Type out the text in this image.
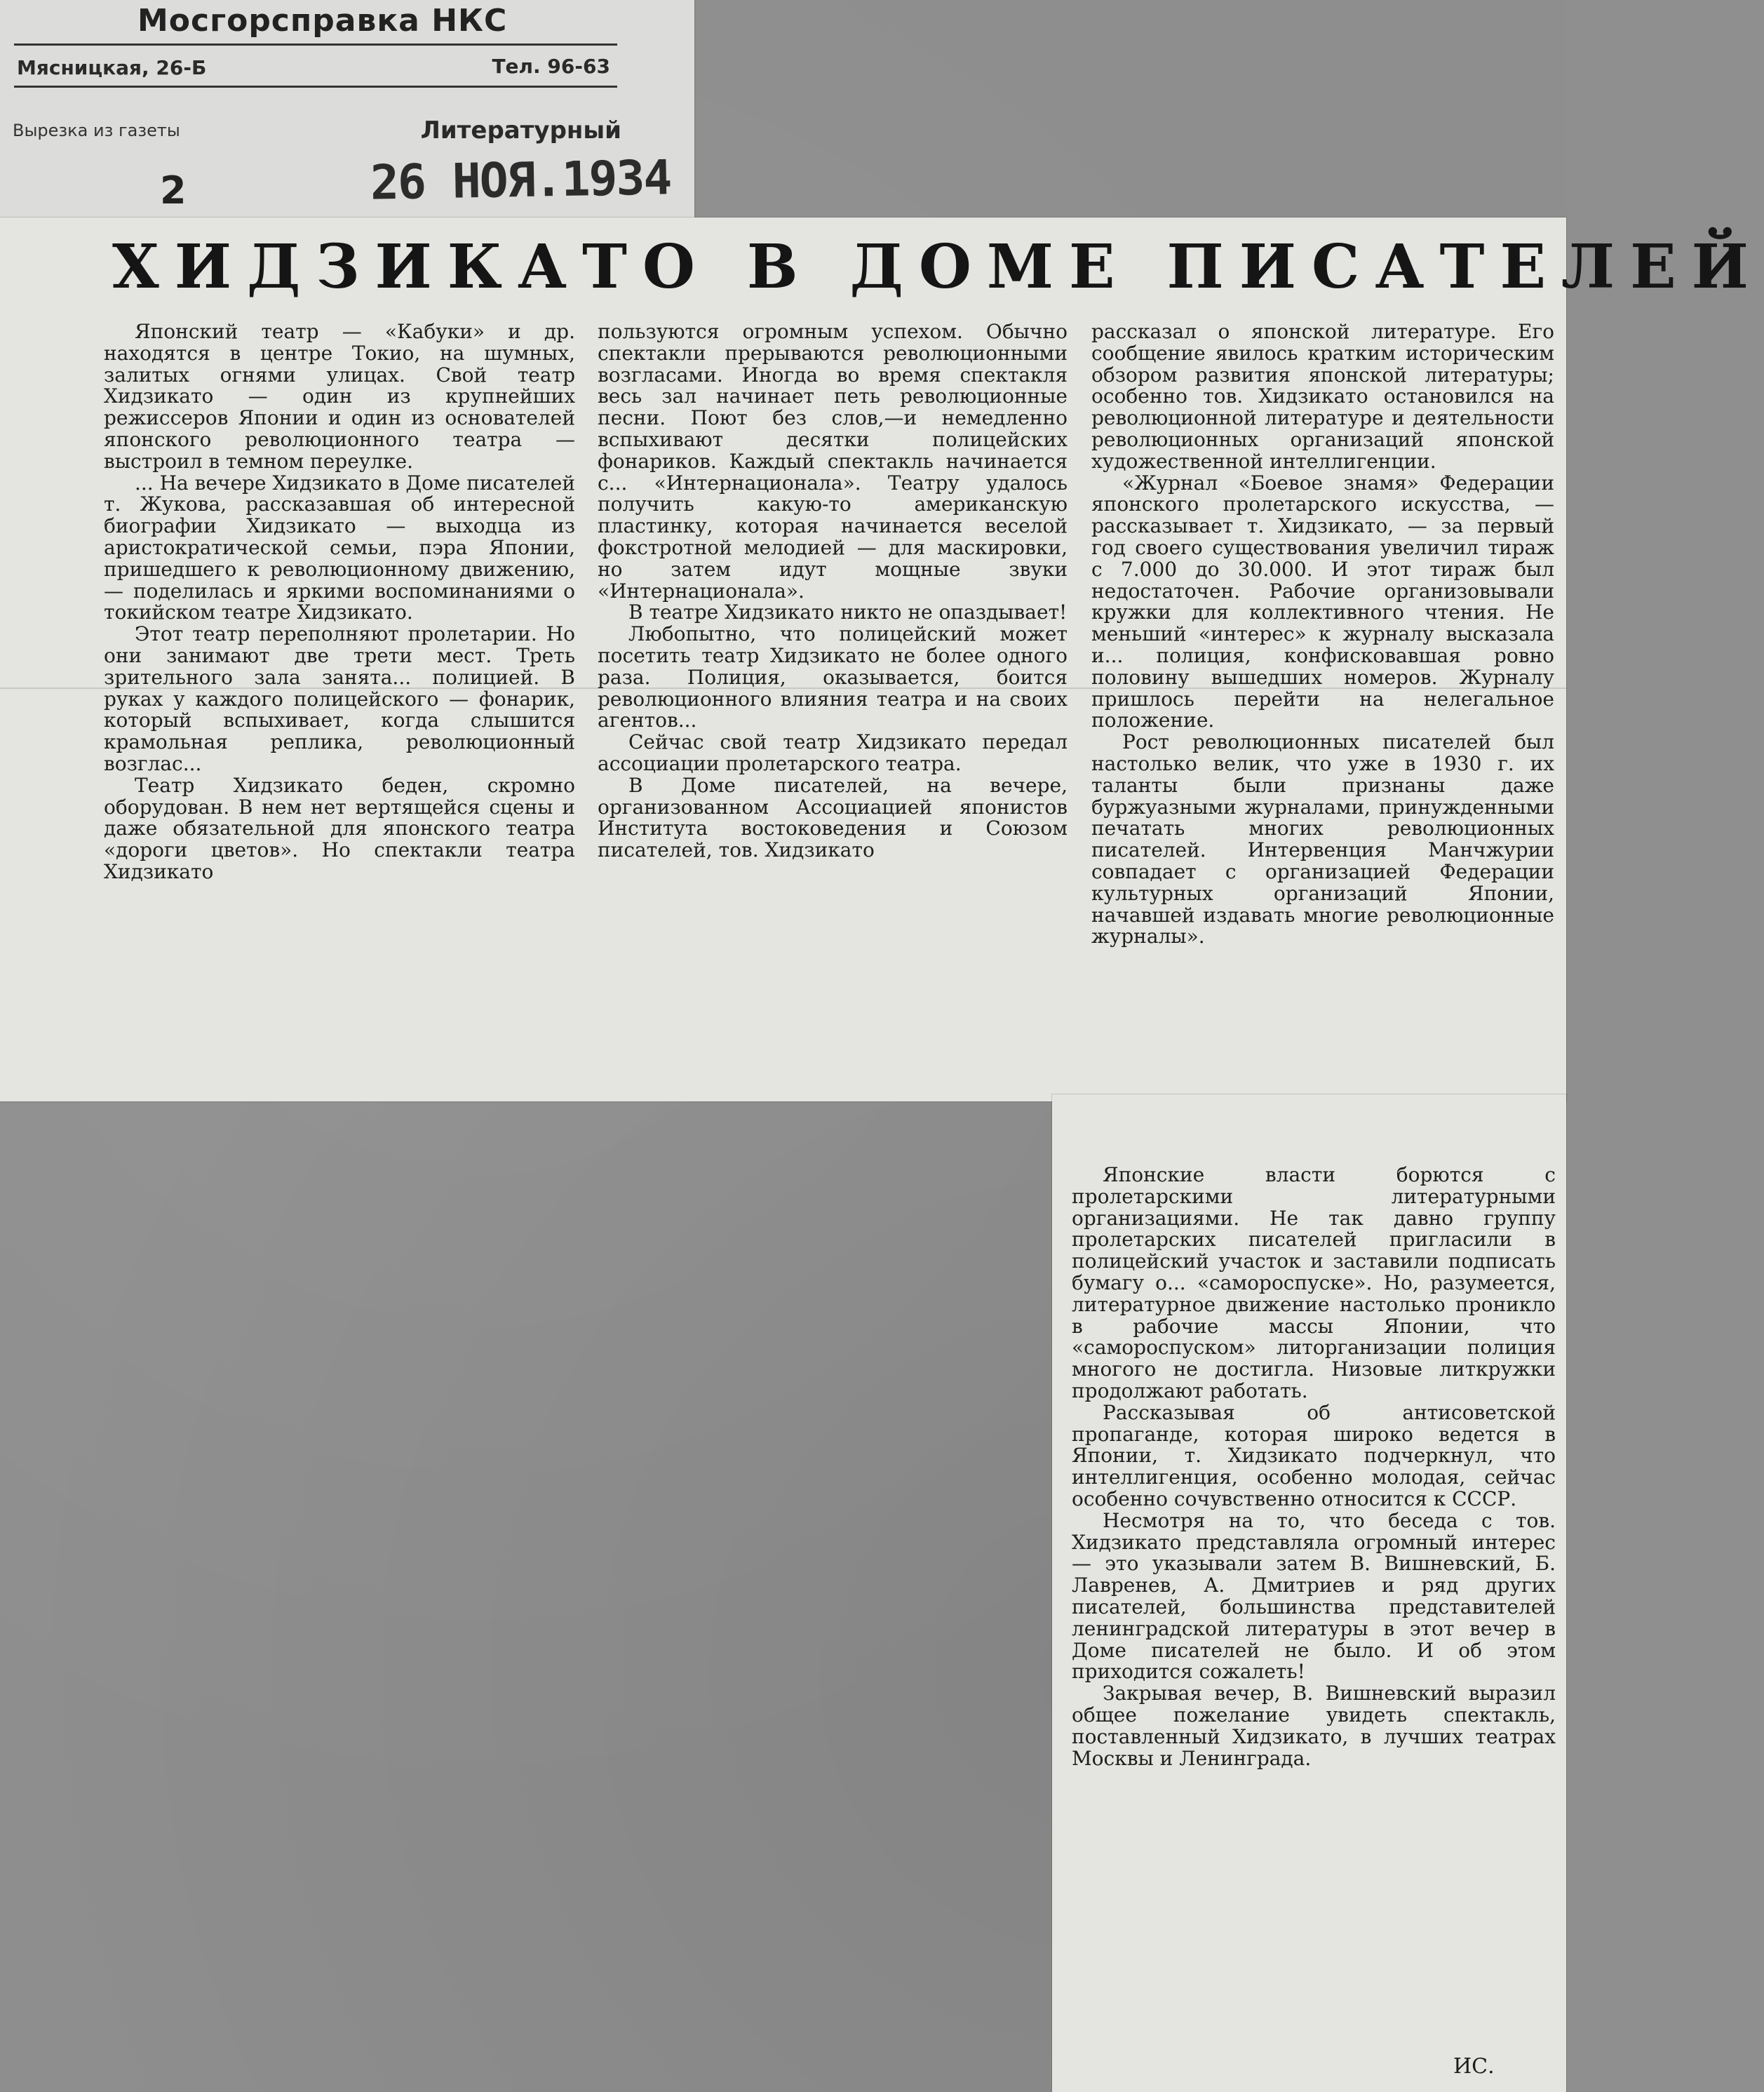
Мосгорсправка НКС
Мясницкая, 26-Б	Тел. 96-63
Вырезка из газеты	Литературный
2	26 НОЯ.1934
ХИДЗИКАТО В ДОМЕ ПИСАТЕЛЕЙ

Японский театр — «Кабуки» и др. находятся в центре Токио, на шумных, залитых огнями улицах. Свой театр Хидзикато — один из крупнейших режиссеров Японии и один из основателей японского революционного театра — выстроил в темном переулке.

... На вечере Хидзикато в Доме писателей т. Жукова, рассказавшая об интересной биографии Хидзикато — выходца из аристократической семьи, пэра Японии, пришедшего к революционному движению, — поделилась и яркими воспоминаниями о токийском театре Хидзикато.

Этот театр переполняют пролетарии. Но они занимают две трети мест. Треть зрительного зала занята... полицией. В руках у каждого полицейского — фонарик, который вспыхивает, когда слышится крамольная реплика, революционный возглас...

Театр Хидзикато беден, скромно оборудован. В нем нет вертящейся сцены и даже обязательной для японского театра «дороги цветов». Но спектакли театра Хидзикато

пользуются огромным успехом. Обычно спектакли прерываются революционными возгласами. Иногда во время спектакля весь зал начинает петь революционные песни. Поют без слов,—и немедленно вспыхивают десятки полицейских фонариков. Каждый спектакль начинается с... «Интернационала». Театру удалось получить какую-то американскую пластинку, которая начинается веселой фокстротной мелодией — для маскировки, но затем идут мощные звуки «Интернационала».

В театре Хидзикато никто не опаздывает!

Любопытно, что полицейский может посетить театр Хидзикато не более одного раза. Полиция, оказывается, боится революционного влияния театра и на своих агентов...

Сейчас свой театр Хидзикато передал ассоциации пролетарского театра.

В Доме писателей, на вечере, организованном Ассоциацией японистов Института востоковедения и Союзом писателей, тов. Хидзикато

рассказал о японской литературе. Его сообщение явилось кратким историческим обзором развития японской литературы; особенно тов. Хидзикато остановился на революционной литературе и деятельности революционных организаций японской художественной интеллигенции.

«Журнал «Боевое знамя» Федерации японского пролетарского искусства, — рассказывает т. Хидзикато, — за первый год своего существования увеличил тираж с 7.000 до 30.000. И этот тираж был недостаточен. Рабочие организовывали кружки для коллективного чтения. Не меньший «интерес» к журналу высказала и... полиция, конфисковавшая ровно половину вышедших номеров. Журналу пришлось перейти на нелегальное положение.

Рост революционных писателей был настолько велик, что уже в 1930 г. их таланты были признаны даже буржуазными журналами, принужденными печатать многих революционных писателей. Интервенция Манчжурии совпадает с организацией Федерации культурных организаций Японии, начавшей издавать многие революционные журналы».

Японские власти борются с пролетарскими литературными организациями. Не так давно группу пролетарских писателей пригласили в полицейский участок и заставили подписать бумагу о... «самороспуске». Но, разумеется, литературное движение настолько проникло в рабочие массы Японии, что «самороспуском» литорганизации полиция многого не достигла. Низовые литкружки продолжают работать.

Рассказывая об антисоветской пропаганде, которая широко ведется в Японии, т. Хидзикато подчеркнул, что интеллигенция, особенно молодая, сейчас особенно сочувственно относится к СССР.

Несмотря на то, что беседа с тов. Хидзикато представляла огромный интерес — это указывали затем В. Вишневский, Б. Лавренев, А. Дмитриев и ряд других писателей, большинства представителей ленинградской литературы в этот вечер в Доме писателей не было. И об этом приходится сожалеть!

Закрывая вечер, В. Вишневский выразил общее пожелание увидеть спектакль, поставленный Хидзикато, в лучших театрах Москвы и Ленинграда.

ИС.
